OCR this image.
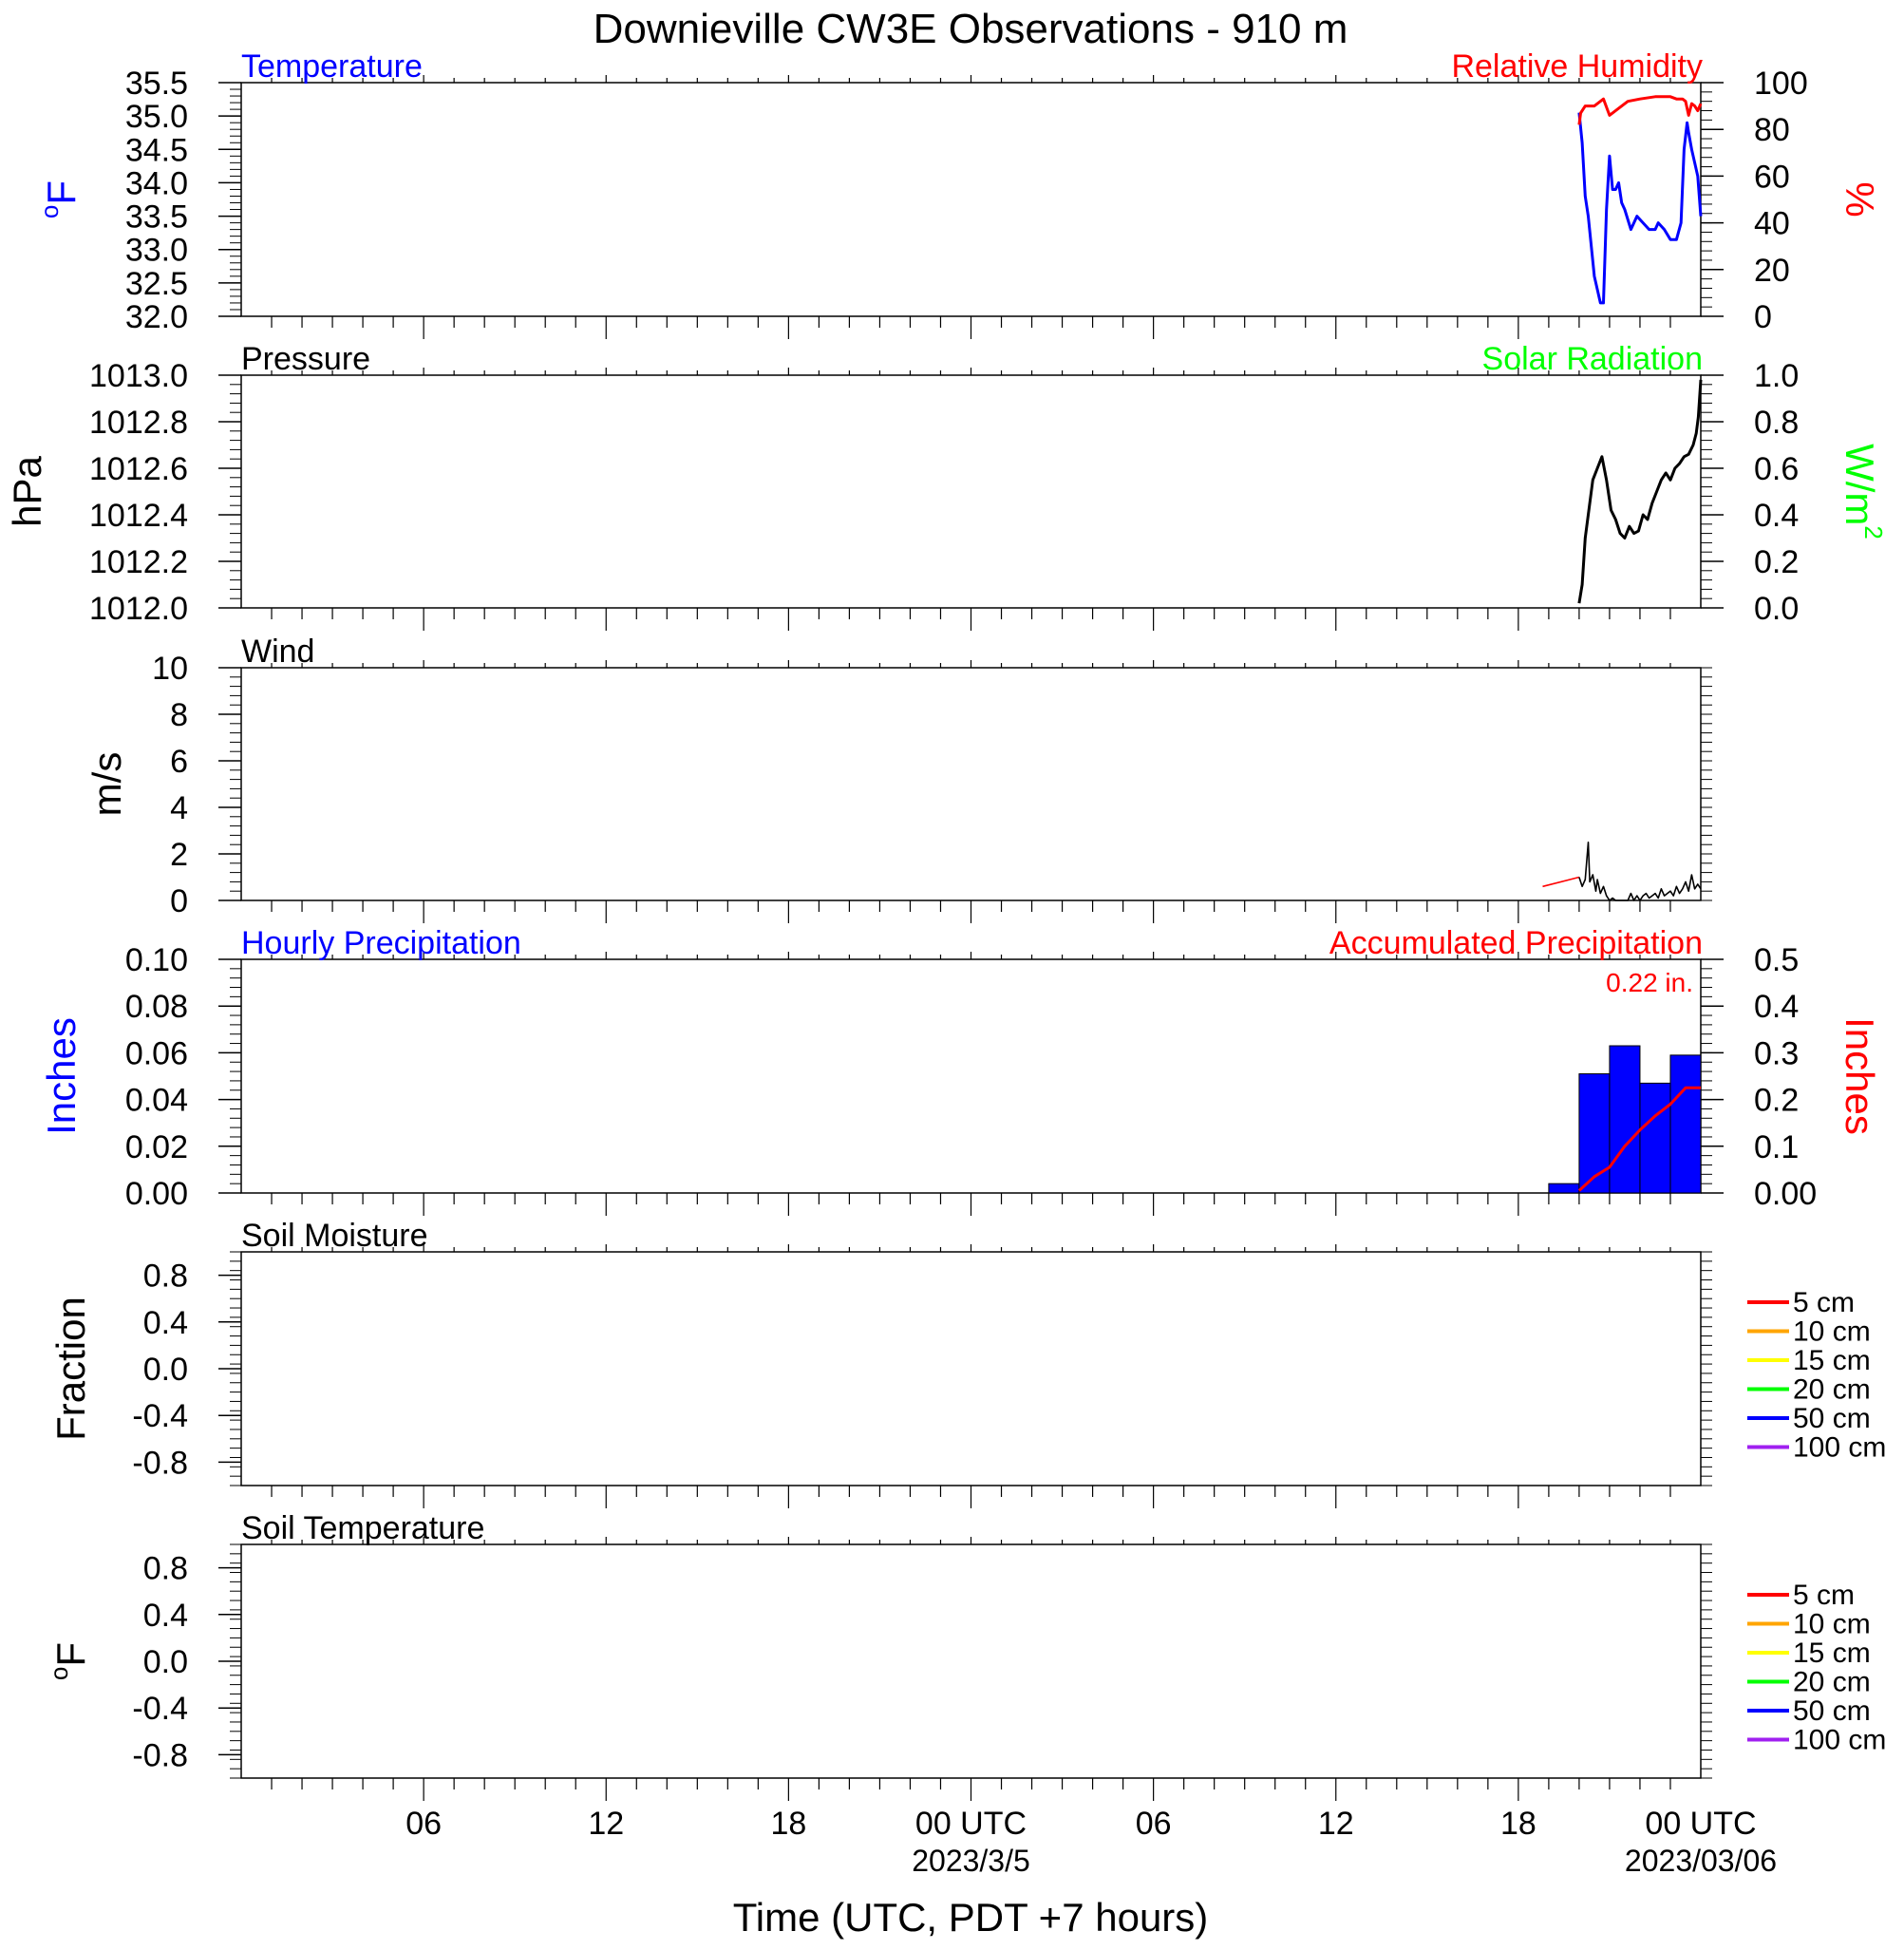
Downieville CW3E Observations - 910 m
32.0
32.5
33.0
33.5
34.0
34.5
35.0
35.5
0
20
40
60
80
100
Temperature	Relative Humidity
$^o$F	%
1012.0
1012.2
1012.4
1012.6
1012.8
1013.0
0.0
0.2
0.4
0.6
0.8
1.0
Pressure	Solar Radiation
hPa	$W/m^2$
0
2
4
6
8
10 Wind
m/s
0.00
0.02
0.04
0.06
0.08
0.10
0.00
0.1
0.2
0.3
0.4
0.5
Hourly Precipitation	Accumulated Precipitation
Inches	Inches
0.22 in.
-0.8
-0.4
0.0
0.4
0.8
Soil Moisture
Fraction	5 cm
10 cm
15 cm
20 cm
50 cm
100 cm
-0.8
-0.4
0.0
0.4
0.8
Soil Temperature
$^o$F
5 cm
10 cm
15 cm
20 cm
50 cm
100 cm
06	12	18	00 UTC	06	12	18	00 UTC
2023/3/5	2023/03/06
Time (UTC, PDT +7 hours)
